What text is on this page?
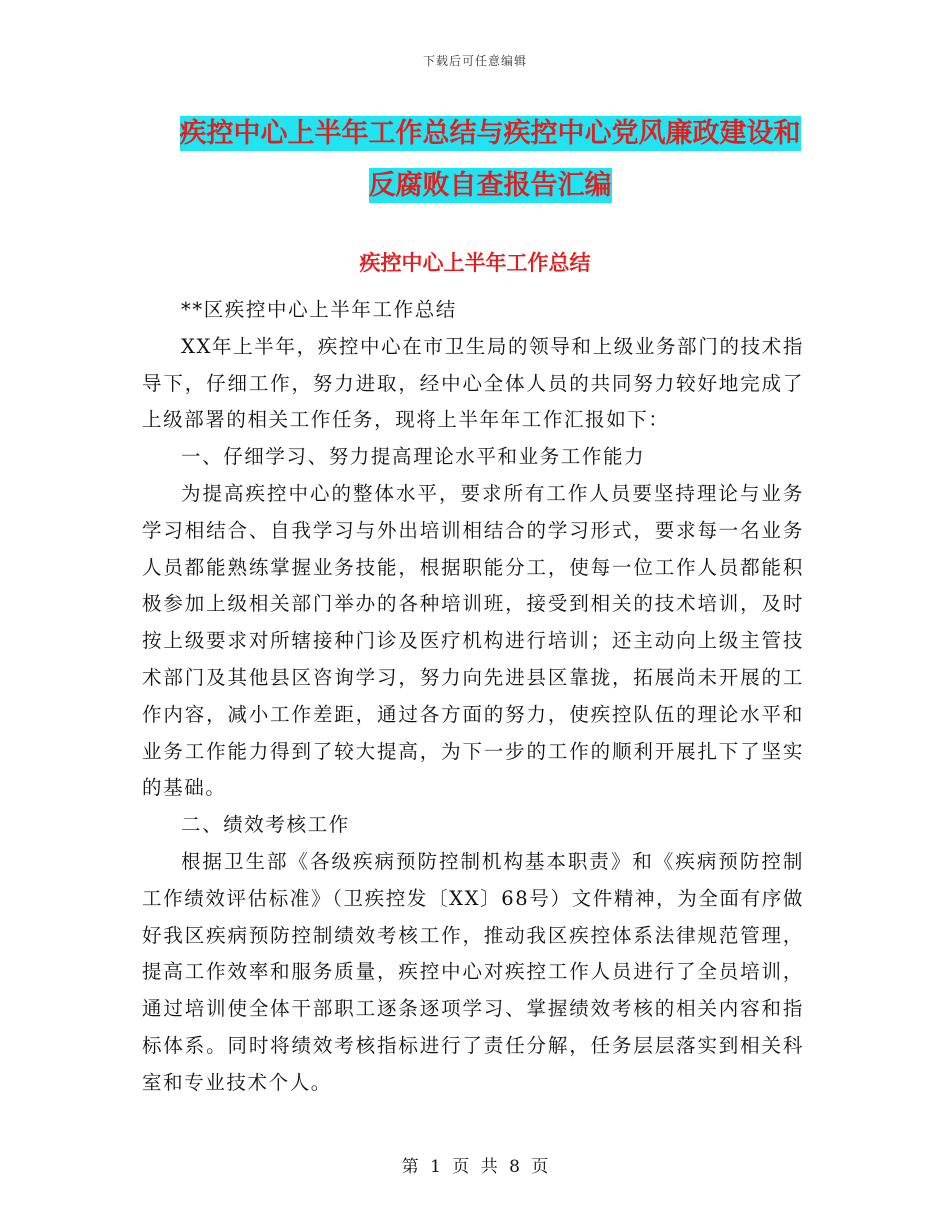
下载后可任意编辑
疾控中心上半年工作总结与疾控中心党风廉政建设和
反腐败自查报告汇编
疾控中心上半年工作总结

**区疾控中心上半年工作总结

XX年上半年，疾控中心在市卫生局的领导和上级业务部门的技术指导下，仔细工作，努力进取，经中心全体人员的共同努力较好地完成了上级部署的相关工作任务，现将上半年年工作汇报如下：

一、仔细学习、努力提高理论水平和业务工作能力

为提高疾控中心的整体水平，要求所有工作人员要坚持理论与业务学习相结合、自我学习与外出培训相结合的学习形式，要求每一名业务人员都能熟练掌握业务技能，根据职能分工，使每一位工作人员都能积极参加上级相关部门举办的各种培训班，接受到相关的技术培训，及时按上级要求对所辖接种门诊及医疗机构进行培训；还主动向上级主管技术部门及其他县区咨询学习，努力向先进县区靠拢，拓展尚未开展的工作内容，减小工作差距，通过各方面的努力，使疾控队伍的理论水平和业务工作能力得到了较大提高，为下一步的工作的顺利开展扎下了坚实的基础。

二、绩效考核工作

根据卫生部《各级疾病预防控制机构基本职责》和《疾病预防控制工作绩效评估标准》（卫疾控发〔XX〕68号）文件精神，为全面有序做好我区疾病预防控制绩效考核工作，推动我区疾控体系法律规范管理，提高工作效率和服务质量，疾控中心对疾控工作人员进行了全员培训，通过培训使全体干部职工逐条逐项学习、掌握绩效考核的相关内容和指标体系。同时将绩效考核指标进行了责任分解，任务层层落实到相关科室和专业技术个人。

第 1 页 共 8 页
